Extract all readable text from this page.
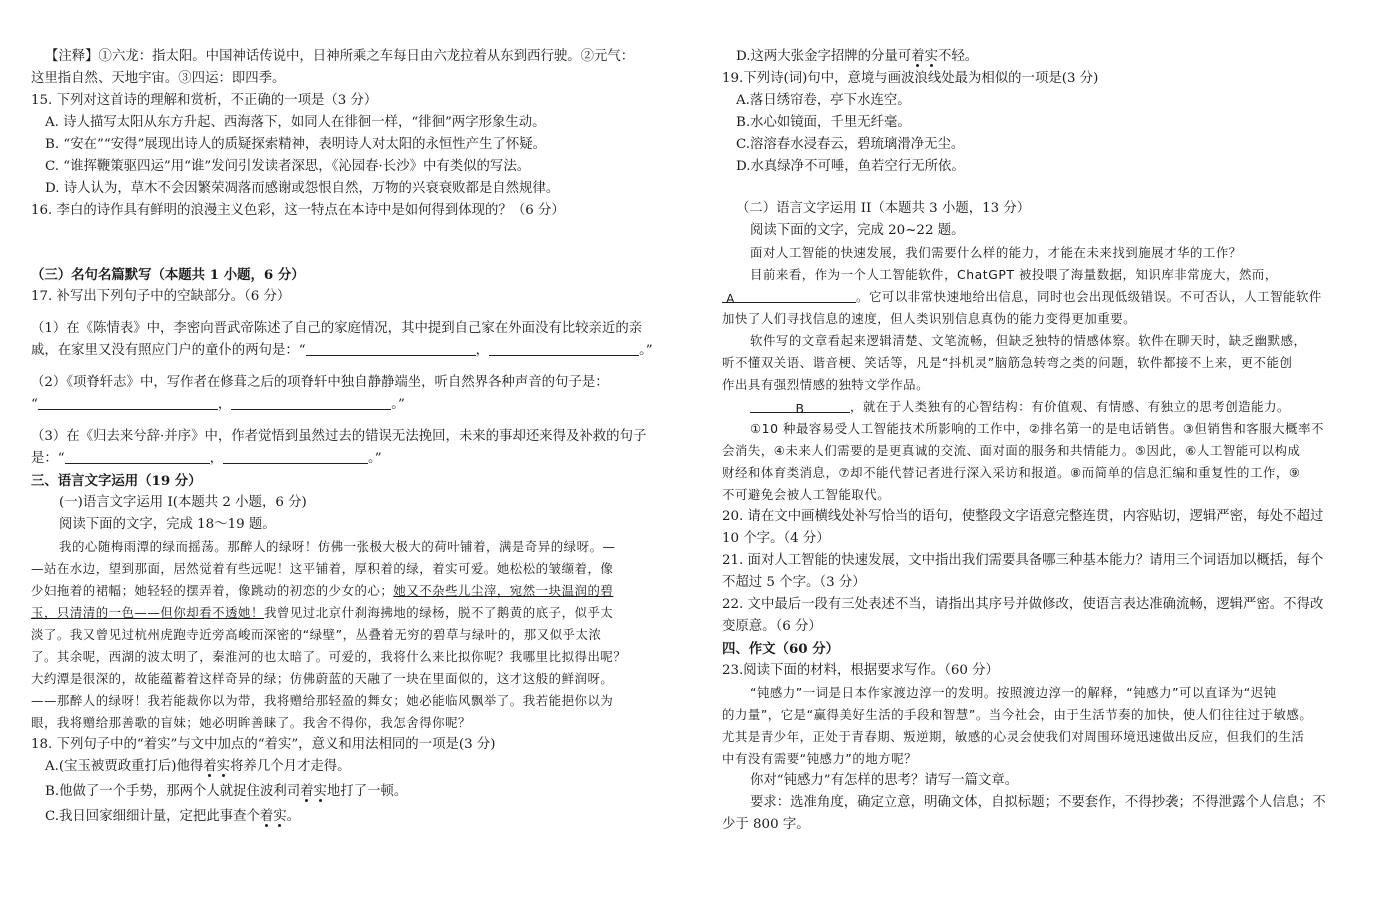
【注释】①六龙：指太阳。中国神话传说中，日神所乘之车每日由六龙拉着从东到西行驶。②元气：
这里指自然、天地宇宙。③四运：即四季。
15. 下列对这首诗的理解和赏析，不正确的一项是（3 分）
A. 诗人描写太阳从东方升起、西海落下，如同人在徘徊一样，“徘徊”两字形象生动。
B. “安在”“安得”展现出诗人的质疑探索精神，表明诗人对太阳的永恒性产生了怀疑。
C. “谁挥鞭策驱四运”用“谁”发问引发读者深思，《沁园春·长沙》中有类似的写法。
D. 诗人认为，草木不会因繁荣凋落而感谢或怨恨自然，万物的兴衰衰败都是自然规律。
16. 李白的诗作具有鲜明的浪漫主义色彩，这一特点在本诗中是如何得到体现的？（6 分）
（三）名句名篇默写（本题共 1 小题，6 分）
17. 补写出下列句子中的空缺部分。（6 分）
（1）在《陈情表》中，李密向晋武帝陈述了自己的家庭情况，其中提到自己家在外面没有比较亲近的亲
戚，在家里又没有照应门户的童仆的两句是：“	，	。”
（2）《项脊轩志》中，写作者在修葺之后的项脊轩中独自静静端坐，听自然界各种声音的句子是：
“	，	。”
（3）在《归去来兮辞·并序》中，作者觉悟到虽然过去的错误无法挽回，未来的事却还来得及补救的句子
是：“	，	。”
三、语言文字运用（19 分）
(一)语言文字运用 I(本题共 2 小题，6 分)
阅读下面的文字，完成 18～19 题。
我的心随梅雨潭的绿而摇荡。那醉人的绿呀！仿佛一张极大极大的荷叶铺着，满是奇异的绿呀。—
—站在水边，望到那面，居然觉着有些远呢！这平铺着，厚积着的绿，着实可爱。她松松的皱缬着，像
少妇拖着的裙幅；她轻轻的摆弄着，像跳动的初恋的少女的心；她又不杂些儿尘滓，宛然一块温润的碧
玉，只清清的一色——但你却看不透她！我曾见过北京什刹海拂地的绿杨，脱不了鹅黄的底子，似乎太
淡了。我又曾见过杭州虎跑寺近旁高峻而深密的“绿壁”，丛叠着无穷的碧草与绿叶的，那又似乎太浓
了。其余呢，西湖的波太明了，秦淮河的也太暗了。可爱的，我将什么来比拟你呢？我哪里比拟得出呢？
大约潭是很深的，故能蕴蓄着这样奇异的绿；仿佛蔚蓝的天融了一块在里面似的，这才这般的鲜润呀。
——那醉人的绿呀！我若能裁你以为带，我将赠给那轻盈的舞女；她必能临风飘举了。我若能挹你以为
眼，我将赠给那善歌的盲妹；她必明眸善睐了。我舍不得你，我怎舍得你呢？
18. 下列句子中的“着实”与文中加点的“着实”，意义和用法相同的一项是(3 分)
A.(宝玉被贾政重打后)他得着实将养几个月才走得。
B.他做了一个手势，那两个人就捉住波利司着实地打了一顿。
C.我日回家细细计量，定把此事查个着实。
D.这两大张金字招牌的分量可着实不轻。
19.下列诗(词)句中，意境与画波浪线处最为相似的一项是(3 分)
A.落日绣帘卷，亭下水连空。
B.水心如镜面，千里无纤毫。
C.溶溶春水浸春云，碧琉璃滑净无尘。
D.水真绿净不可唾，鱼若空行无所依。
（二）语言文字运用 II（本题共 3 小题，13 分）
阅读下面的文字，完成 20~22 题。
面对人工智能的快速发展，我们需要什么样的能力，才能在未来找到施展才华的工作？
目前来看，作为一个人工智能软件，ChatGPT 被投喂了海量数据，知识库非常庞大，然而，
A	。它可以非常快速地给出信息，同时也会出现低级错误。不可否认，人工智能软件
加快了人们寻找信息的速度，但人类识别信息真伪的能力变得更加重要。
软件写的文章看起来逻辑清楚、文笔流畅，但缺乏独特的情感体察。软件在聊天时，缺乏幽默感，
听不懂双关语、谐音梗、笑话等，凡是“抖机灵”脑筋急转弯之类的问题，软件都接不上来，更不能创
作出具有强烈情感的独特文学作品。
B	，就在于人类独有的心智结构：有价值观、有情感、有独立的思考创造能力。
①10 种最容易受人工智能技术所影响的工作中，②排名第一的是电话销售。③但销售和客服大概率不
会消失，④未来人们需要的是更真诚的交流、面对面的服务和共情能力。⑤因此，⑥人工智能可以构成
财经和体育类消息，⑦却不能代替记者进行深入采访和报道。⑧而简单的信息汇编和重复性的工作，⑨
不可避免会被人工智能取代。
20. 请在文中画横线处补写恰当的语句，使整段文字语意完整连贯，内容贴切，逻辑严密，每处不超过
10 个字。（4 分）
21. 面对人工智能的快速发展，文中指出我们需要具备哪三种基本能力？请用三个词语加以概括，每个
不超过 5 个字。（3 分）
22. 文中最后一段有三处表述不当，请指出其序号并做修改，使语言表达准确流畅，逻辑严密。不得改
变原意。（6 分）
四、作文（60 分）
23.阅读下面的材料，根据要求写作。（60 分）
“钝感力”一词是日本作家渡边淳一的发明。按照渡边淳一的解释，“钝感力”可以直译为“迟钝
的力量”，它是“赢得美好生活的手段和智慧”。当今社会，由于生活节奏的加快，使人们往往过于敏感。
尤其是青少年，正处于青春期、叛逆期，敏感的心灵会使我们对周围环境迅速做出反应，但我们的生活
中有没有需要“钝感力”的地方呢？
你对“钝感力”有怎样的思考？请写一篇文章。
要求：选准角度，确定立意，明确文体，自拟标题；不要套作，不得抄袭；不得泄露个人信息；不
少于 800 字。
